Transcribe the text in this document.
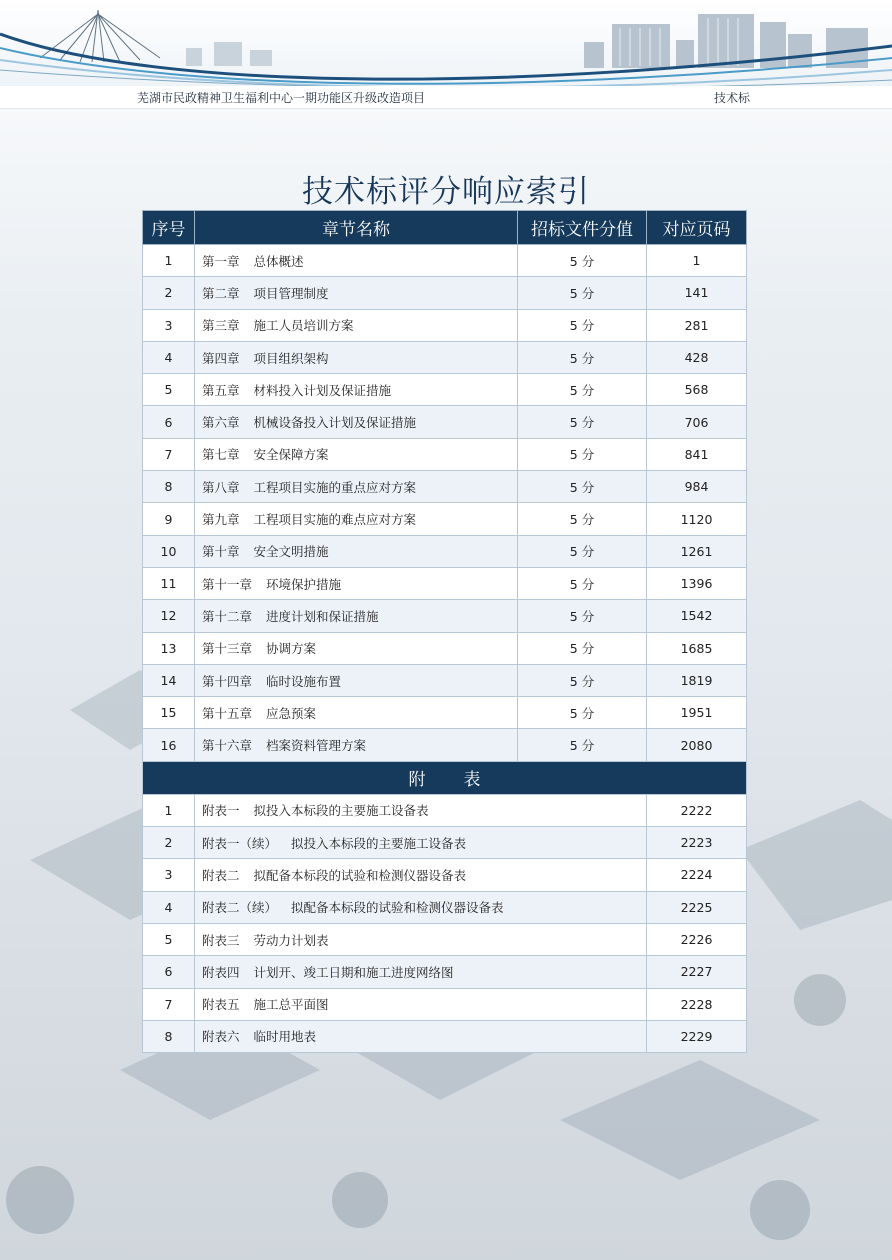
芜湖市民政精神卫生福利中心一期功能区升级改造项目	技术标
技术标评分响应索引
序号	章节名称	招标文件分值	对应页码
1	第一章 总体概述	5 分	1
2	第二章 项目管理制度	5 分	141
3	第三章 施工人员培训方案	5 分	281
4	第四章 项目组织架构	5 分	428
5	第五章 材料投入计划及保证措施	5 分	568
6	第六章 机械设备投入计划及保证措施	5 分	706
7	第七章 安全保障方案	5 分	841
8	第八章 工程项目实施的重点应对方案	5 分	984
9	第九章 工程项目实施的难点应对方案	5 分	1120
10	第十章 安全文明措施	5 分	1261
11	第十一章 环境保护措施	5 分	1396
12	第十二章 进度计划和保证措施	5 分	1542
13	第十三章 协调方案	5 分	1685
14	第十四章 临时设施布置	5 分	1819
15	第十五章 应急预案	5 分	1951
16	第十六章 档案资料管理方案	5 分	2080
附 表			
1	附表一 拟投入本标段的主要施工设备表		2222
2	附表一（续） 拟投入本标段的主要施工设备表		2223
3	附表二 拟配备本标段的试验和检测仪器设备表		2224
4	附表二（续） 拟配备本标段的试验和检测仪器设备表		2225
5	附表三 劳动力计划表		2226
6	附表四 计划开、竣工日期和施工进度网络图		2227
7	附表五 施工总平面图		2228
8	附表六 临时用地表		2229
